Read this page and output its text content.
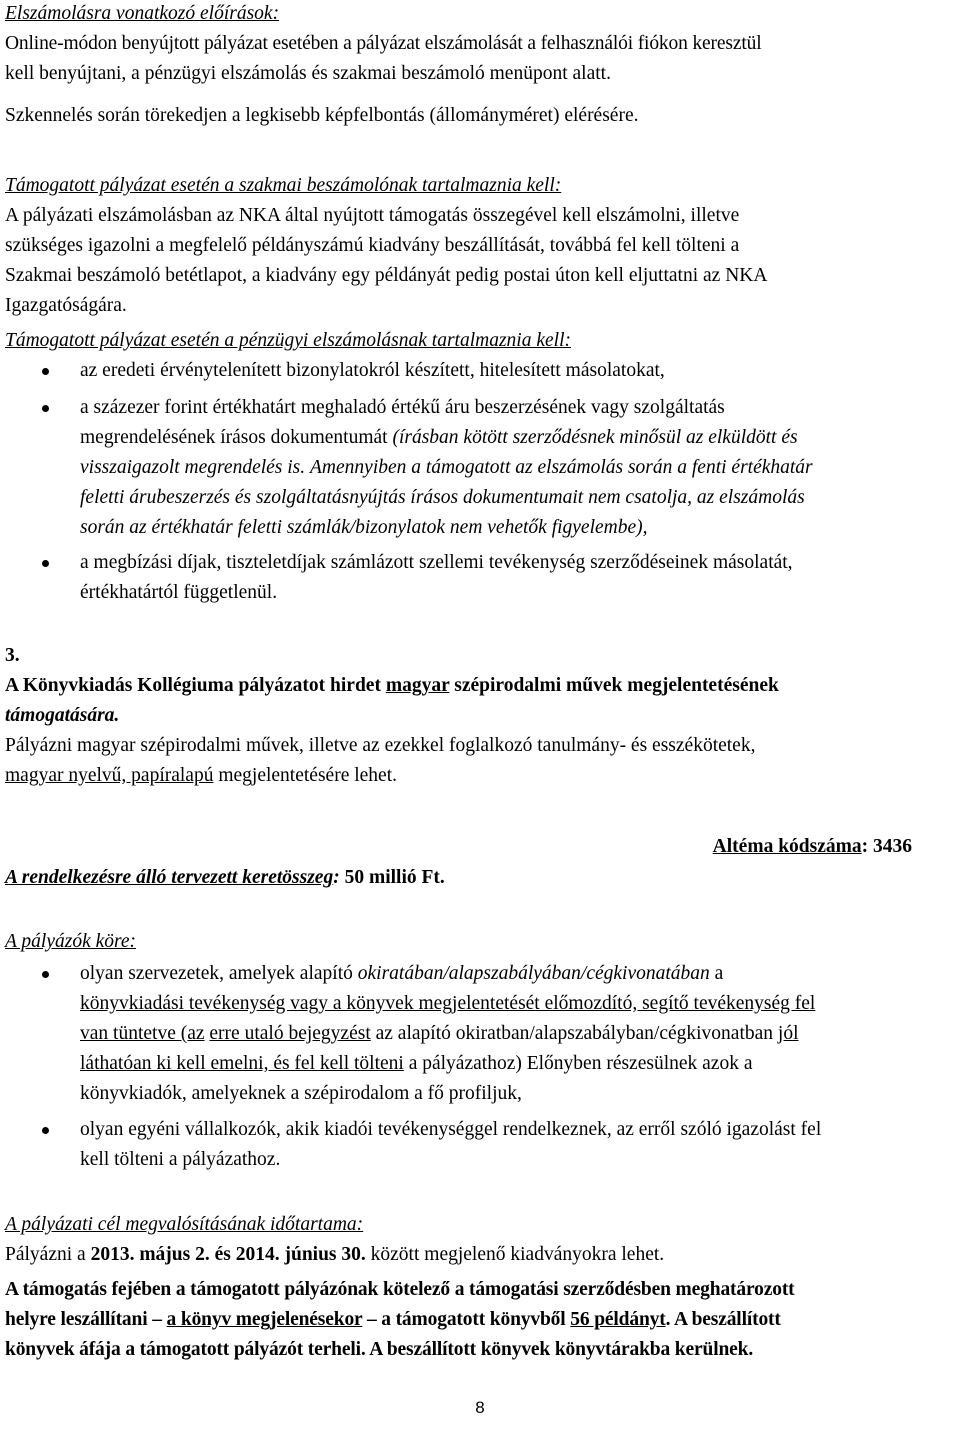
Elszámolásra vonatkozó előírások:
Online-módon benyújtott pályázat esetében a pályázat elszámolását a felhasználói fiókon keresztül
kell benyújtani, a pénzügyi elszámolás és szakmai beszámoló menüpont alatt.
Szkennelés során törekedjen a legkisebb képfelbontás (állományméret) elérésére.
Támogatott pályázat esetén a szakmai beszámolónak tartalmaznia kell:
A pályázati elszámolásban az NKA által nyújtott támogatás összegével kell elszámolni, illetve
szükséges igazolni a megfelelő példányszámú kiadvány beszállítását, továbbá fel kell tölteni a
Szakmai beszámoló betétlapot, a kiadvány egy példányát pedig postai úton kell eljuttatni az NKA
Igazgatóságára.
Támogatott pályázat esetén a pénzügyi elszámolásnak tartalmaznia kell:
az eredeti érvénytelenített bizonylatokról készített, hitelesített másolatokat,
a százezer forint értékhatárt meghaladó értékű áru beszerzésének vagy szolgáltatás
megrendelésének írásos dokumentumát (írásban kötött szerződésnek minősül az elküldött és
visszaigazolt megrendelés is. Amennyiben a támogatott az elszámolás során a fenti értékhatár
feletti árubeszerzés és szolgáltatásnyújtás írásos dokumentumait nem csatolja, az elszámolás
során az értékhatár feletti számlák/bizonylatok nem vehetők figyelembe),
a megbízási díjak, tiszteletdíjak számlázott szellemi tevékenység szerződéseinek másolatát,
értékhatártól függetlenül.
3.
A Könyvkiadás Kollégiuma pályázatot hirdet magyar szépirodalmi művek megjelentetésének
támogatására.
Pályázni magyar szépirodalmi művek, illetve az ezekkel foglalkozó tanulmány- és esszékötetek,
magyar nyelvű, papíralapú megjelentetésére lehet.
Altéma kódszáma: 3436
A rendelkezésre álló tervezett keretösszeg: 50 millió Ft.
A pályázók köre:
olyan szervezetek, amelyek alapító okiratában/alapszabályában/cégkivonatában a
könyvkiadási tevékenység vagy a könyvek megjelentetését előmozdító, segítő tevékenység fel
van tüntetve (az erre utaló bejegyzést az alapító okiratban/alapszabályban/cégkivonatban jól
láthatóan ki kell emelni, és fel kell tölteni a pályázathoz) Előnyben részesülnek azok a
könyvkiadók, amelyeknek a szépirodalom a fő profiljuk,
olyan egyéni vállalkozók, akik kiadói tevékenységgel rendelkeznek, az erről szóló igazolást fel
kell tölteni a pályázathoz.
A pályázati cél megvalósításának időtartama:
Pályázni a 2013. május 2. és 2014. június 30. között megjelenő kiadványokra lehet.
A támogatás fejében a támogatott pályázónak kötelező a támogatási szerződésben meghatározott
helyre leszállítani – a könyv megjelenésekor – a támogatott könyvből 56 példányt. A beszállított
könyvek áfája a támogatott pályázót terheli. A beszállított könyvek könyvtárakba kerülnek.
8
